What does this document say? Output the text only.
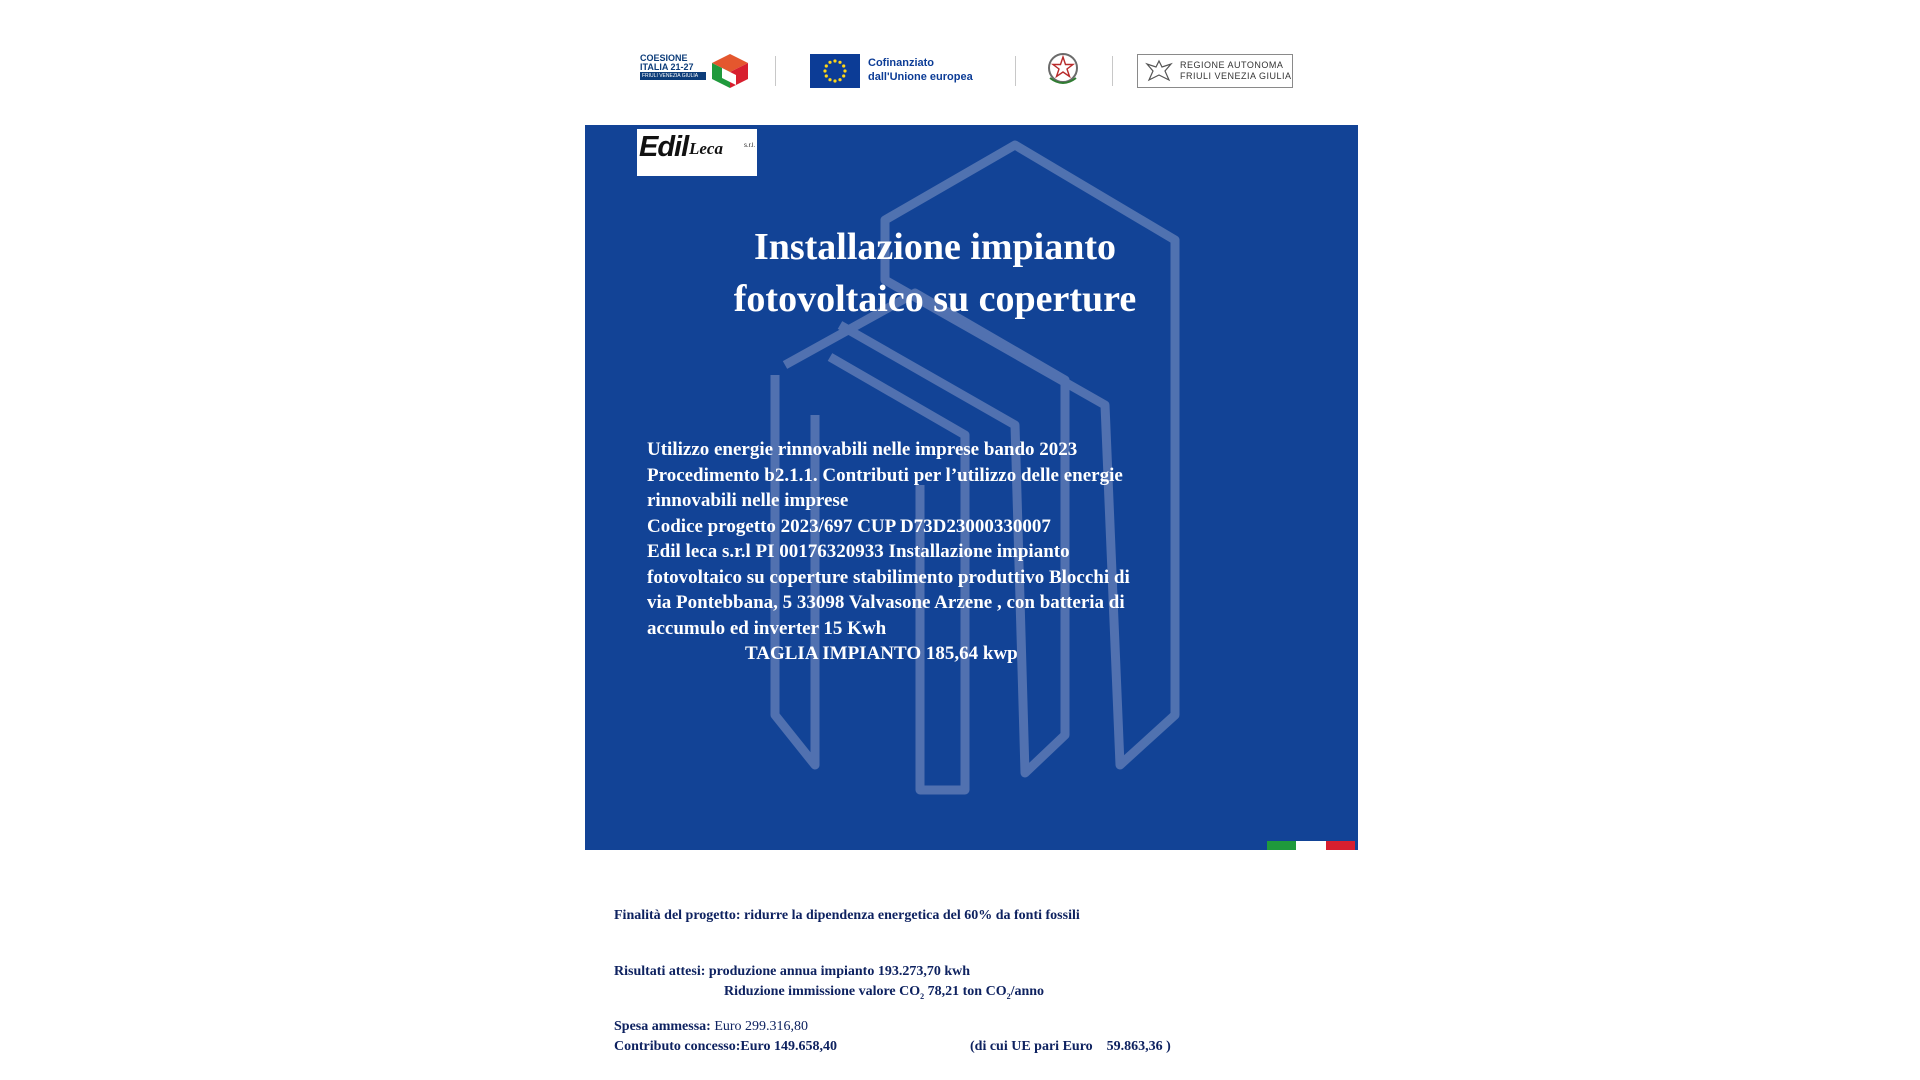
COESIONE
ITALIA 21-27
FRIULI VENEZIA GIULIA
Cofinanziato
dall'Unione europea
REGIONE AUTONOMA
FRIULI VENEZIA GIULIA
Edil Leca	s.r.l.
Installazione impianto
fotovoltaico su coperture
Utilizzo energie rinnovabili nelle imprese bando 2023
Procedimento b2.1.1. Contributi per l’utilizzo delle energie
rinnovabili nelle imprese
Codice progetto 2023/697 CUP D73D23000330007
Edil leca s.r.l PI 00176320933 Installazione impianto
fotovoltaico su coperture stabilimento produttivo Blocchi di
via Pontebbana, 5 33098 Valvasone Arzene , con batteria di
accumulo ed inverter 15 Kwh
TAGLIA IMPIANTO 185,64 kwp
Finalità del progetto: ridurre la dipendenza energetica del 60% da fonti fossili
Risultati attesi: produzione annua impianto 193.273,70 kwh
Riduzione immissione valore $CO_2$ 78,21 ton $CO_2$/anno
Spesa ammessa: Euro 299.316,80
Contributo concesso:Euro 149.658,40	(di cui UE pari Euro 59.863,36 )
